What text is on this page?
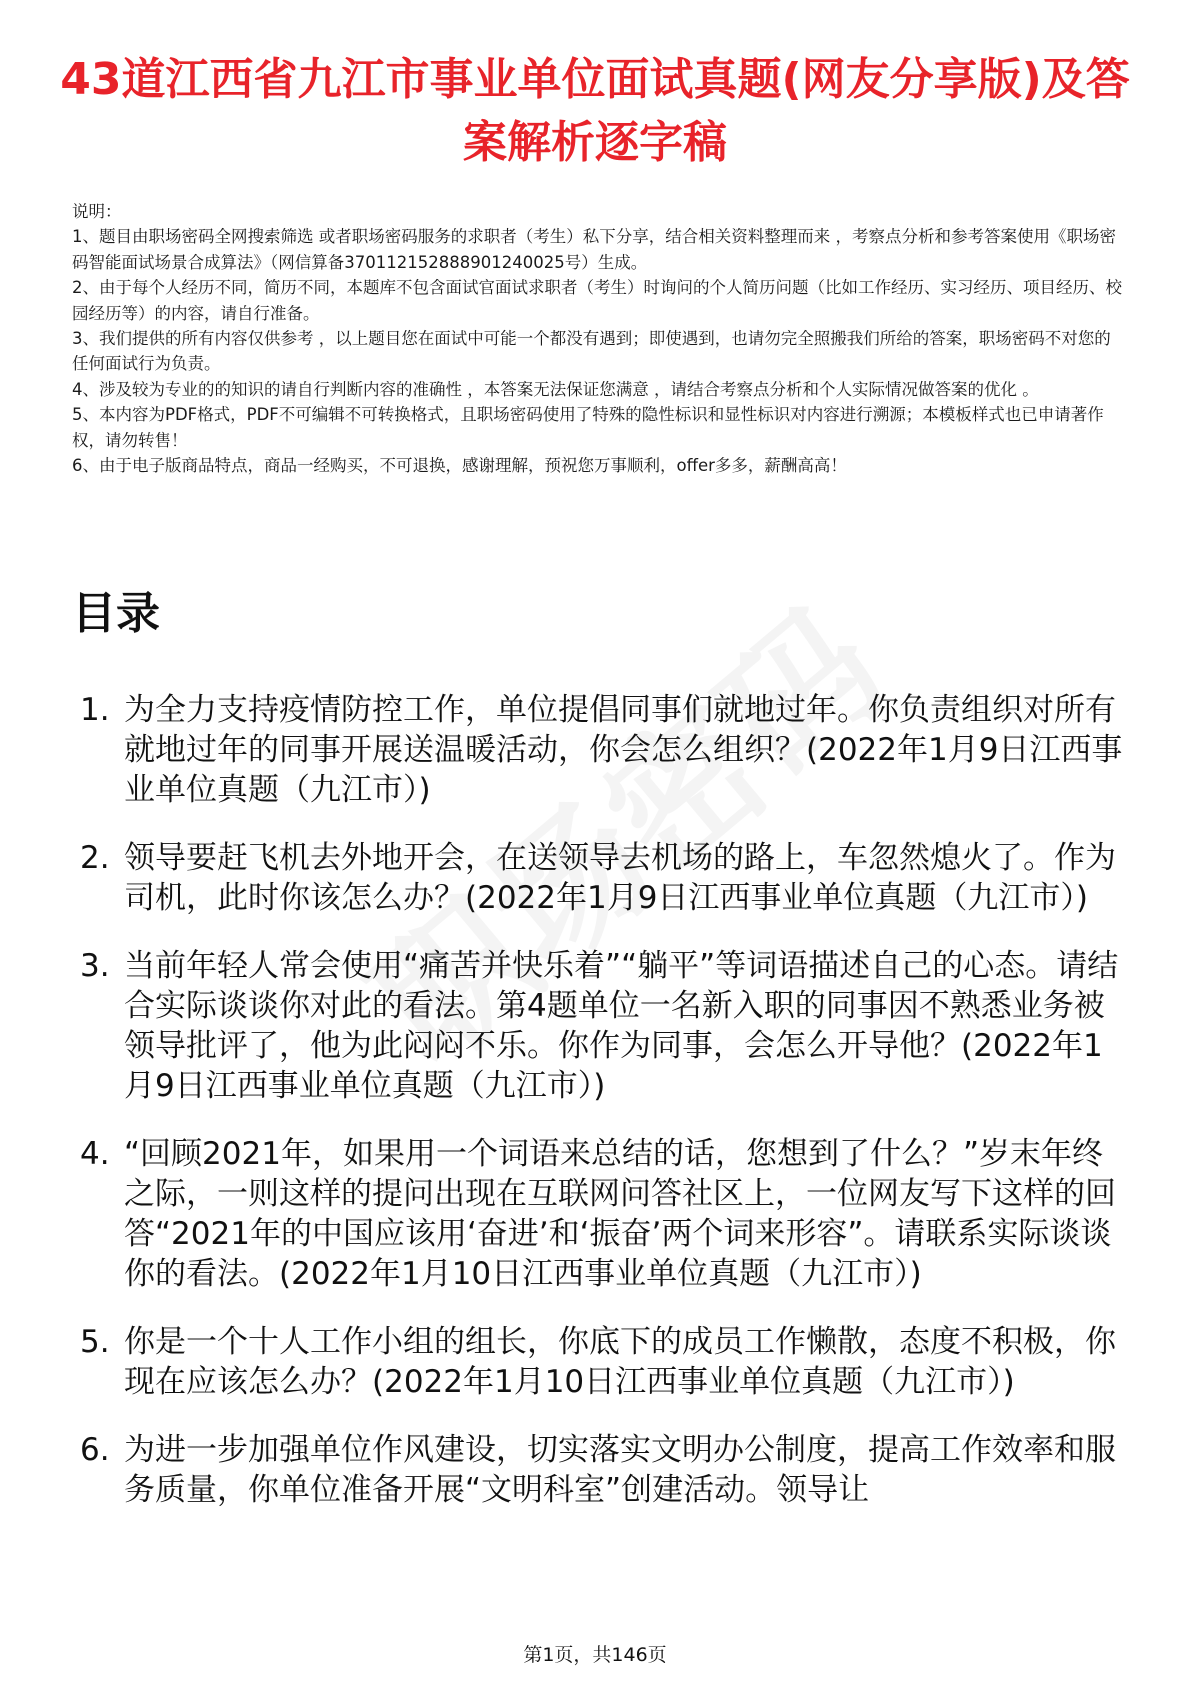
43道江西省九江市事业单位面试真题(网友分享版)及答案解析逐字稿

说明：

1、题目由职场密码全网搜索筛选 或者职场密码服务的求职者（考生）私下分享，结合相关资料整理而来 ，考察点分析和参考答案使用《职场密码智能面试场景合成算法》（网信算备370112152888901240025号）生成。

2、由于每个人经历不同，简历不同，本题库不包含面试官面试求职者（考生）时询问的个人简历问题（比如工作经历、实习经历、项目经历、校园经历等）的内容，请自行准备。

3、我们提供的所有内容仅供参考 ，以上题目您在面试中可能一个都没有遇到；即使遇到，也请勿完全照搬我们所给的答案，职场密码不对您的任何面试行为负责。

4、涉及较为专业的的知识的请自行判断内容的准确性 ，本答案无法保证您满意 ，请结合考察点分析和个人实际情况做答案的优化 。

5、本内容为PDF格式，PDF不可编辑不可转换格式，且职场密码使用了特殊的隐性标识和显性标识对内容进行溯源；本模板样式也已申请著作权，请勿转售！

6、由于电子版商品特点，商品一经购买，不可退换，感谢理解，预祝您万事顺利，offer多多，薪酬高高！

目录
1. 为全力支持疫情防控工作，单位提倡同事们就地过年。你负责组织对所有就地过年的同事开展送温暖活动，你会怎么组织？(2022年1月9日江西事业单位真题（九江市）)
2. 领导要赶飞机去外地开会，在送领导去机场的路上，车忽然熄火了。作为司机，此时你该怎么办？(2022年1月9日江西事业单位真题（九江市）)
3. 当前年轻人常会使用“痛苦并快乐着”“躺平”等词语描述自己的心态。请结合实际谈谈你对此的看法。第4题单位一名新入职的同事因不熟悉业务被领导批评了，他为此闷闷不乐。你作为同事，会怎么开导他？(2022年1月9日江西事业单位真题（九江市）)
4. “回顾2021年，如果用一个词语来总结的话，您想到了什么？”岁末年终之际，一则这样的提问出现在互联网问答社区上，一位网友写下这样的回答“2021年的中国应该用‘奋进’和‘振奋’两个词来形容”。请联系实际谈谈你的看法。(2022年1月10日江西事业单位真题（九江市）)
5. 你是一个十人工作小组的组长，你底下的成员工作懒散，态度不积极，你现在应该怎么办？(2022年1月10日江西事业单位真题（九江市）)
6. 为进一步加强单位作风建设，切实落实文明办公制度，提高工作效率和服务质量，你单位准备开展“文明科室”创建活动。领导让
第1页，共146页
